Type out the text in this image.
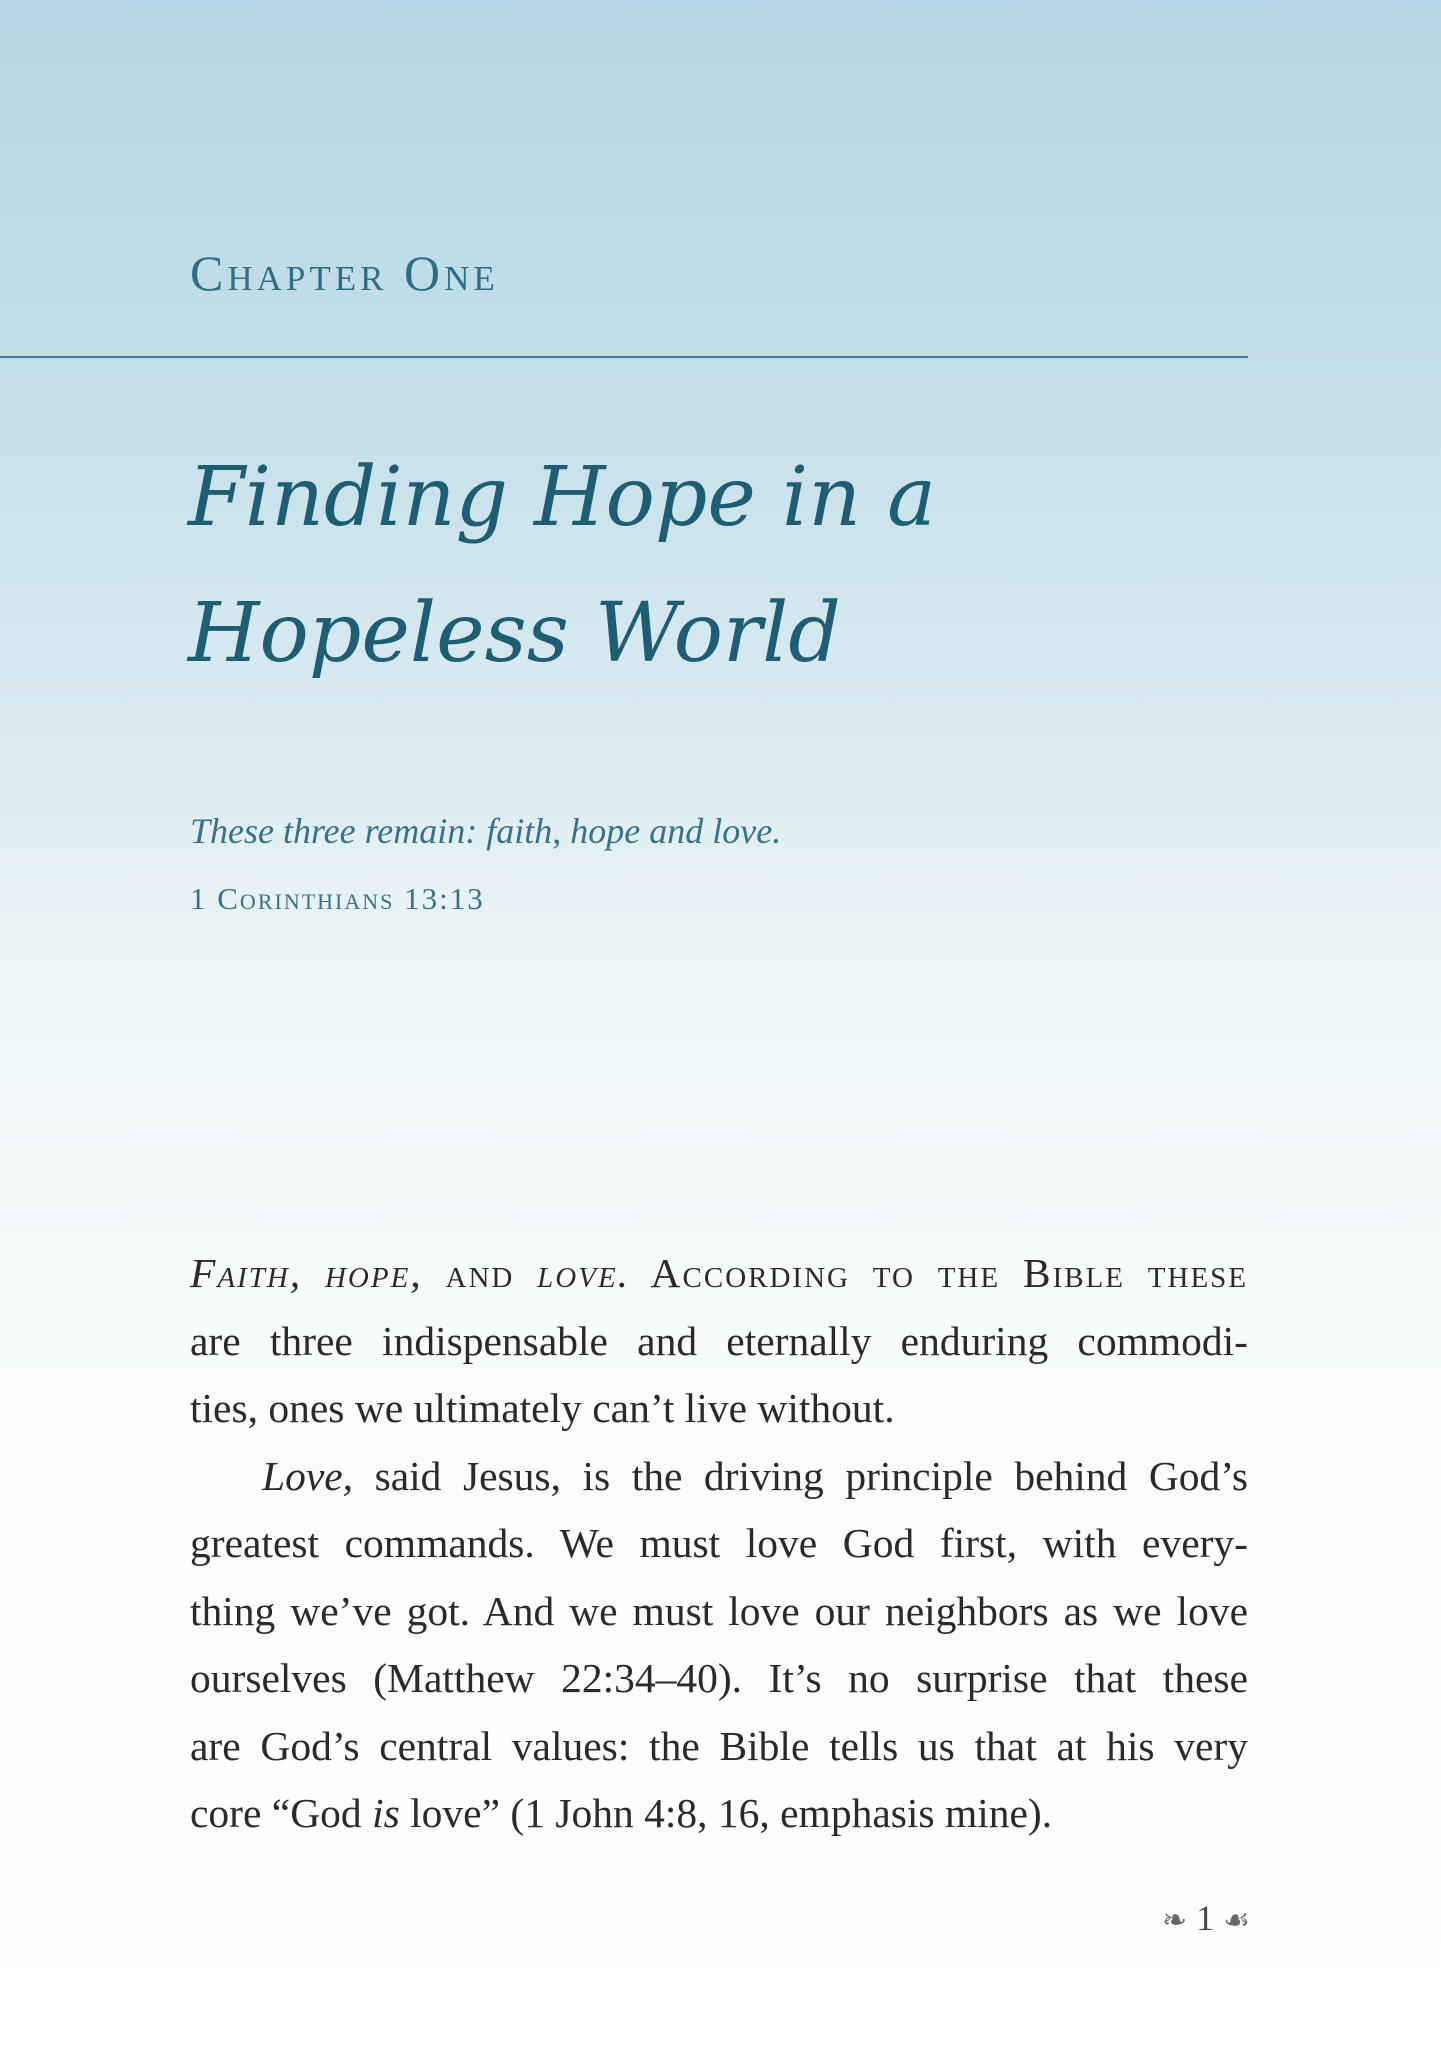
Chapter One
Finding Hope in a
Hopeless World
These three remain: faith, hope and love.
1 Corinthians 13:13
Faith, hope, and love. According to the Bible these
are three indispensable and eternally enduring commodi-
ties, ones we ultimately can’t live without.
Love, said Jesus, is the driving principle behind God’s
greatest commands. We must love God first, with every-
thing we’ve got. And we must love our neighbors as we love
ourselves (Matthew 22:34–40). It’s no surprise that these
are God’s central values: the Bible tells us that at his very
core “God is love” (1 John 4:8, 16, emphasis mine).
❧ 1 ☙
